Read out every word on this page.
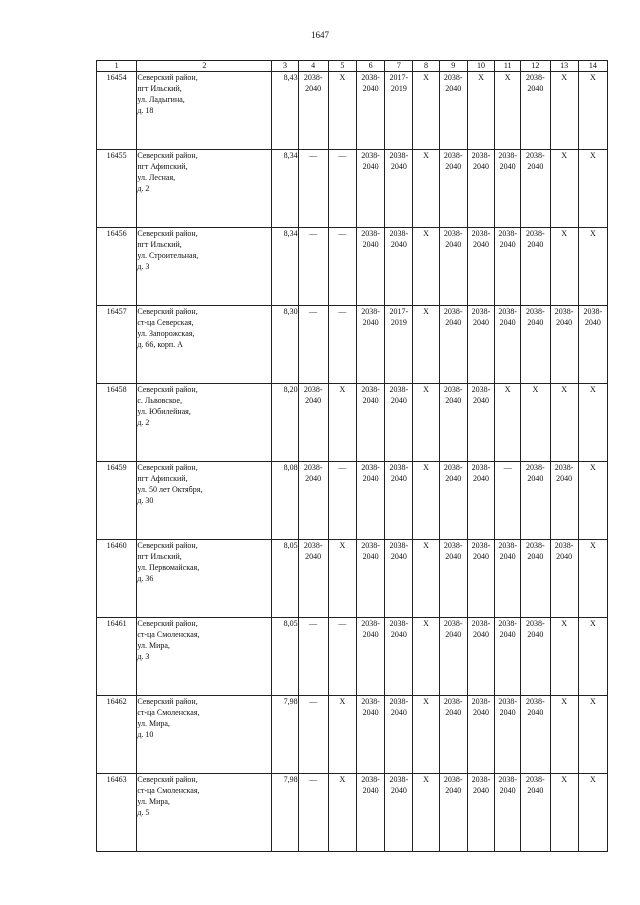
1647
1	2	3	4	5	6	7	8	9	10	11	12	13	14
16454	Северский район,
пгт Ильский,
ул. Ладыгина,
д. 18	8,43	2038-
2040	X	2038-
2040	2017-
2019	X	2038-
2040	X	X	2038-
2040	X	X
16455	Северский район,
пгт Афипский,
ул. Лесная,
д. 2	8,34	—	—	2038-
2040	2038-
2040	X	2038-
2040	2038-
2040	2038-
2040	2038-
2040	X	X
16456	Северский район,
пгт Ильский,
ул. Строительная,
д. 3	8,34	—	—	2038-
2040	2038-
2040	X	2038-
2040	2038-
2040	2038-
2040	2038-
2040	X	X
16457	Северский район,
ст-ца Северская,
ул. Запорожская,
д. 66, корп. А	8,30	—	—	2038-
2040	2017-
2019	X	2038-
2040	2038-
2040	2038-
2040	2038-
2040	2038-
2040	2038-
2040
16458	Северский район,
с. Львовское,
ул. Юбилейная,
д. 2	8,20	2038-
2040	X	2038-
2040	2038-
2040	X	2038-
2040	2038-
2040	X	X	X	X
16459	Северский район,
пгт Афипский,
ул. 50 лет Октября,
д. 30	8,08	2038-
2040	—	2038-
2040	2038-
2040	X	2038-
2040	2038-
2040	—	2038-
2040	2038-
2040	X
16460	Северский район,
пгт Ильский,
ул. Первомайская,
д. 36	8,05	2038-
2040	X	2038-
2040	2038-
2040	X	2038-
2040	2038-
2040	2038-
2040	2038-
2040	2038-
2040	X
16461	Северский район,
ст-ца Смоленская,
ул. Мира,
д. 3	8,05	—	—	2038-
2040	2038-
2040	X	2038-
2040	2038-
2040	2038-
2040	2038-
2040	X	X
16462	Северский район,
ст-ца Смоленская,
ул. Мира,
д. 10	7,98	—	X	2038-
2040	2038-
2040	X	2038-
2040	2038-
2040	2038-
2040	2038-
2040	X	X
16463	Северский район,
ст-ца Смоленская,
ул. Мира,
д. 5	7,98	—	X	2038-
2040	2038-
2040	X	2038-
2040	2038-
2040	2038-
2040	2038-
2040	X	X
